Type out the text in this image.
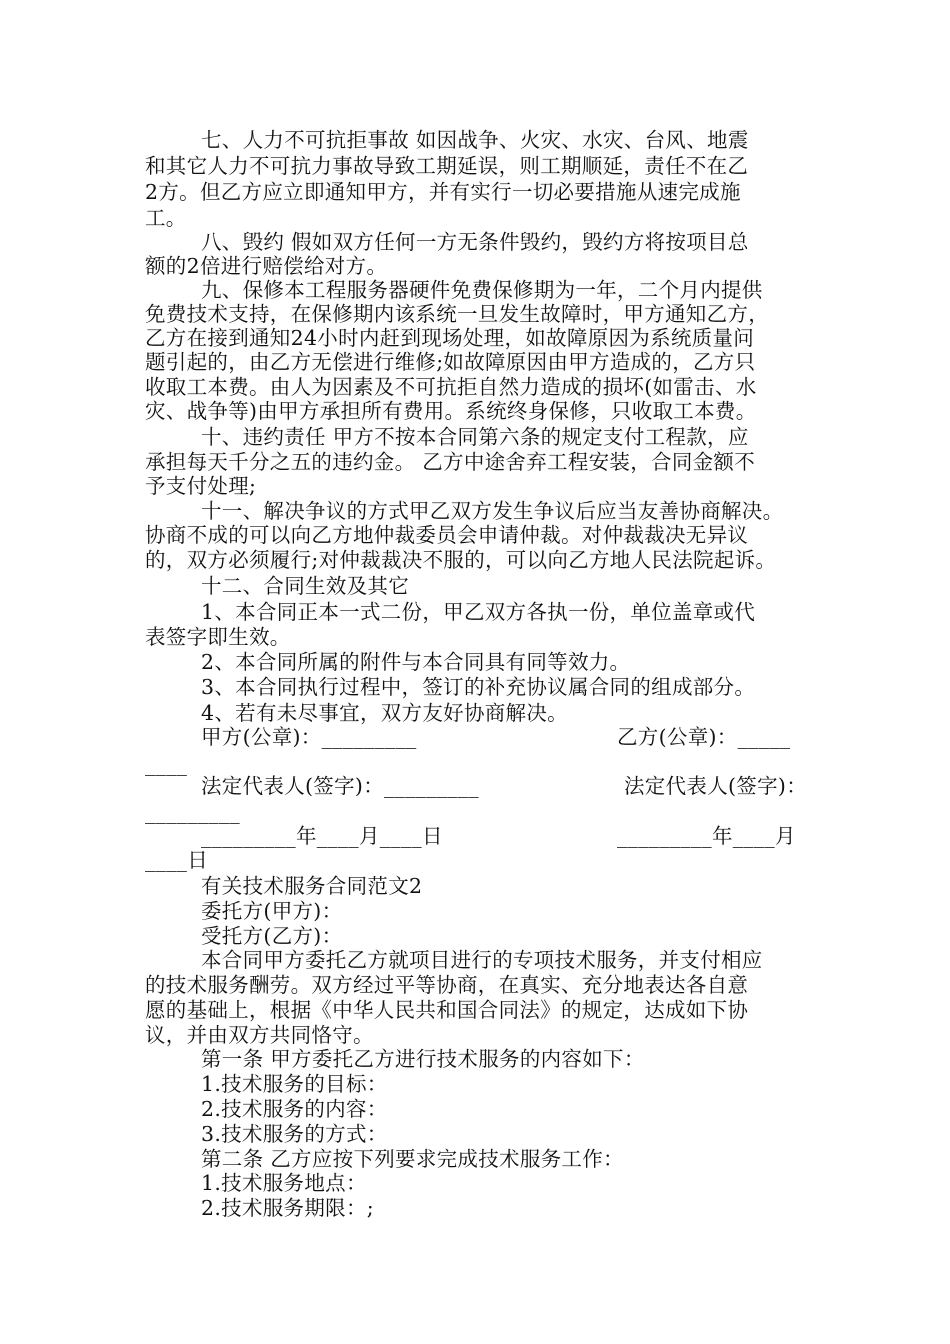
七、人力不可抗拒事故 如因战争、火灾、水灾、台风、地震
和其它人力不可抗力事故导致工期延误，则工期顺延，责任不在乙
2方。但乙方应立即通知甲方，并有实行一切必要措施从速完成施
工。
八、毁约 假如双方任何一方无条件毁约，毁约方将按项目总
额的2倍进行赔偿给对方。
九、保修本工程服务器硬件免费保修期为一年，二个月内提供
免费技术支持，在保修期内该系统一旦发生故障时，甲方通知乙方，
乙方在接到通知24小时内赶到现场处理，如故障原因为系统质量问
题引起的，由乙方无偿进行维修;如故障原因由甲方造成的，乙方只
收取工本费。由人为因素及不可抗拒自然力造成的损坏(如雷击、水
灾、战争等)由甲方承担所有费用。系统终身保修，只收取工本费。
十、违约责任 甲方不按本合同第六条的规定支付工程款，应
承担每天千分之五的违约金。 乙方中途舍弃工程安装，合同金额不
予支付处理;
十一、解决争议的方式甲乙双方发生争议后应当友善协商解决。
协商不成的可以向乙方地仲裁委员会申请仲裁。对仲裁裁决无异议
的，双方必须履行;对仲裁裁决不服的，可以向乙方地人民法院起诉。
十二、合同生效及其它
1、本合同正本一式二份，甲乙双方各执一份，单位盖章或代
表签字即生效。
2、本合同所属的附件与本合同具有同等效力。
3、本合同执行过程中，签订的补充协议属合同的组成部分。
4、若有未尽事宜，双方友好协商解决。
甲方(公章)：_________	乙方(公章)：_____
____
法定代表人(签字)：_________	法定代表人(签字)：
_________
_________年____月____日	_________年____月
____日
有关技术服务合同范文2
委托方(甲方)：
受托方(乙方)：
本合同甲方委托乙方就项目进行的专项技术服务，并支付相应
的技术服务酬劳。双方经过平等协商，在真实、充分地表达各自意
愿的基础上，根据《中华人民共和国合同法》的规定，达成如下协
议，并由双方共同恪守。
第一条 甲方委托乙方进行技术服务的内容如下：
1.技术服务的目标：
2.技术服务的内容：
3.技术服务的方式：
第二条 乙方应按下列要求完成技术服务工作：
1.技术服务地点：
2.技术服务期限：;
